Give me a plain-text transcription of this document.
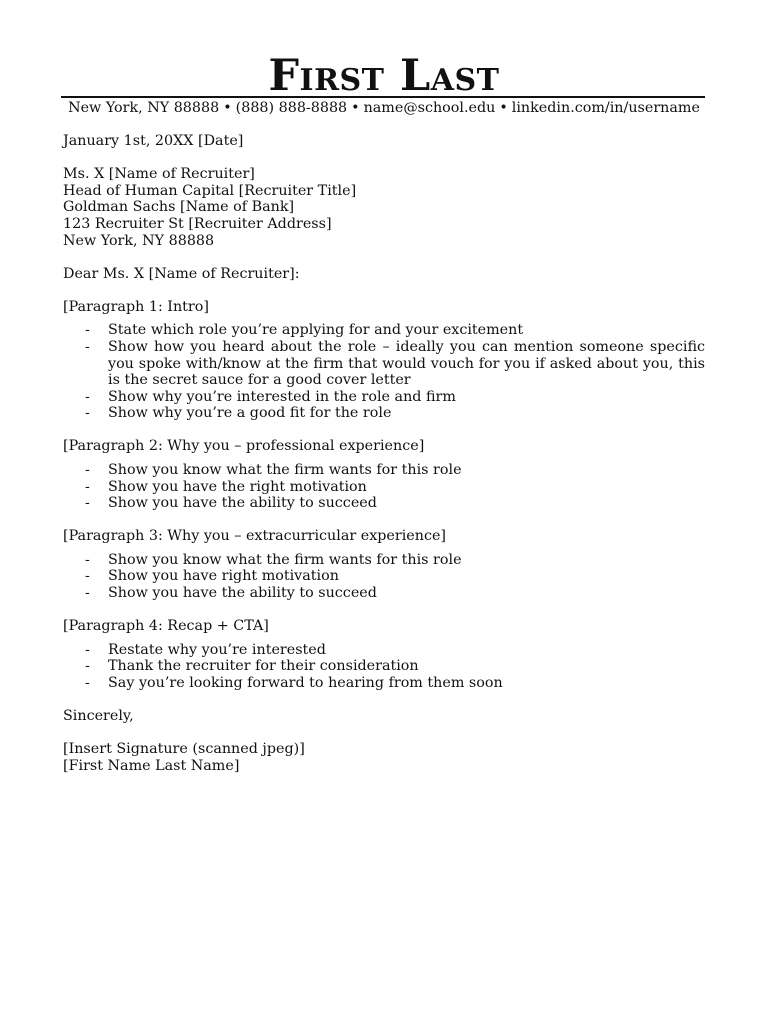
First Last
New York, NY 88888 • (888) 888-8888 • name@school.edu • linkedin.com/in/username
January 1st, 20XX [Date]
Ms. X [Name of Recruiter]
Head of Human Capital [Recruiter Title]
Goldman Sachs [Name of Bank]
123 Recruiter St [Recruiter Address]
New York, NY 88888
Dear Ms. X [Name of Recruiter]:
[Paragraph 1: Intro]
- State which role you’re applying for and your excitement
- Show how you heard about the role – ideally you can mention someone specific you spoke with/know at the firm that would vouch for you if asked about you, this is the secret sauce for a good cover letter
- Show why you’re interested in the role and firm
- Show why you’re a good fit for the role
[Paragraph 2: Why you – professional experience]
- Show you know what the firm wants for this role
- Show you have the right motivation
- Show you have the ability to succeed
[Paragraph 3: Why you – extracurricular experience]
- Show you know what the firm wants for this role
- Show you have right motivation
- Show you have the ability to succeed
[Paragraph 4: Recap + CTA]
- Restate why you’re interested
- Thank the recruiter for their consideration
- Say you’re looking forward to hearing from them soon
Sincerely,
[Insert Signature (scanned jpeg)]
[First Name Last Name]
